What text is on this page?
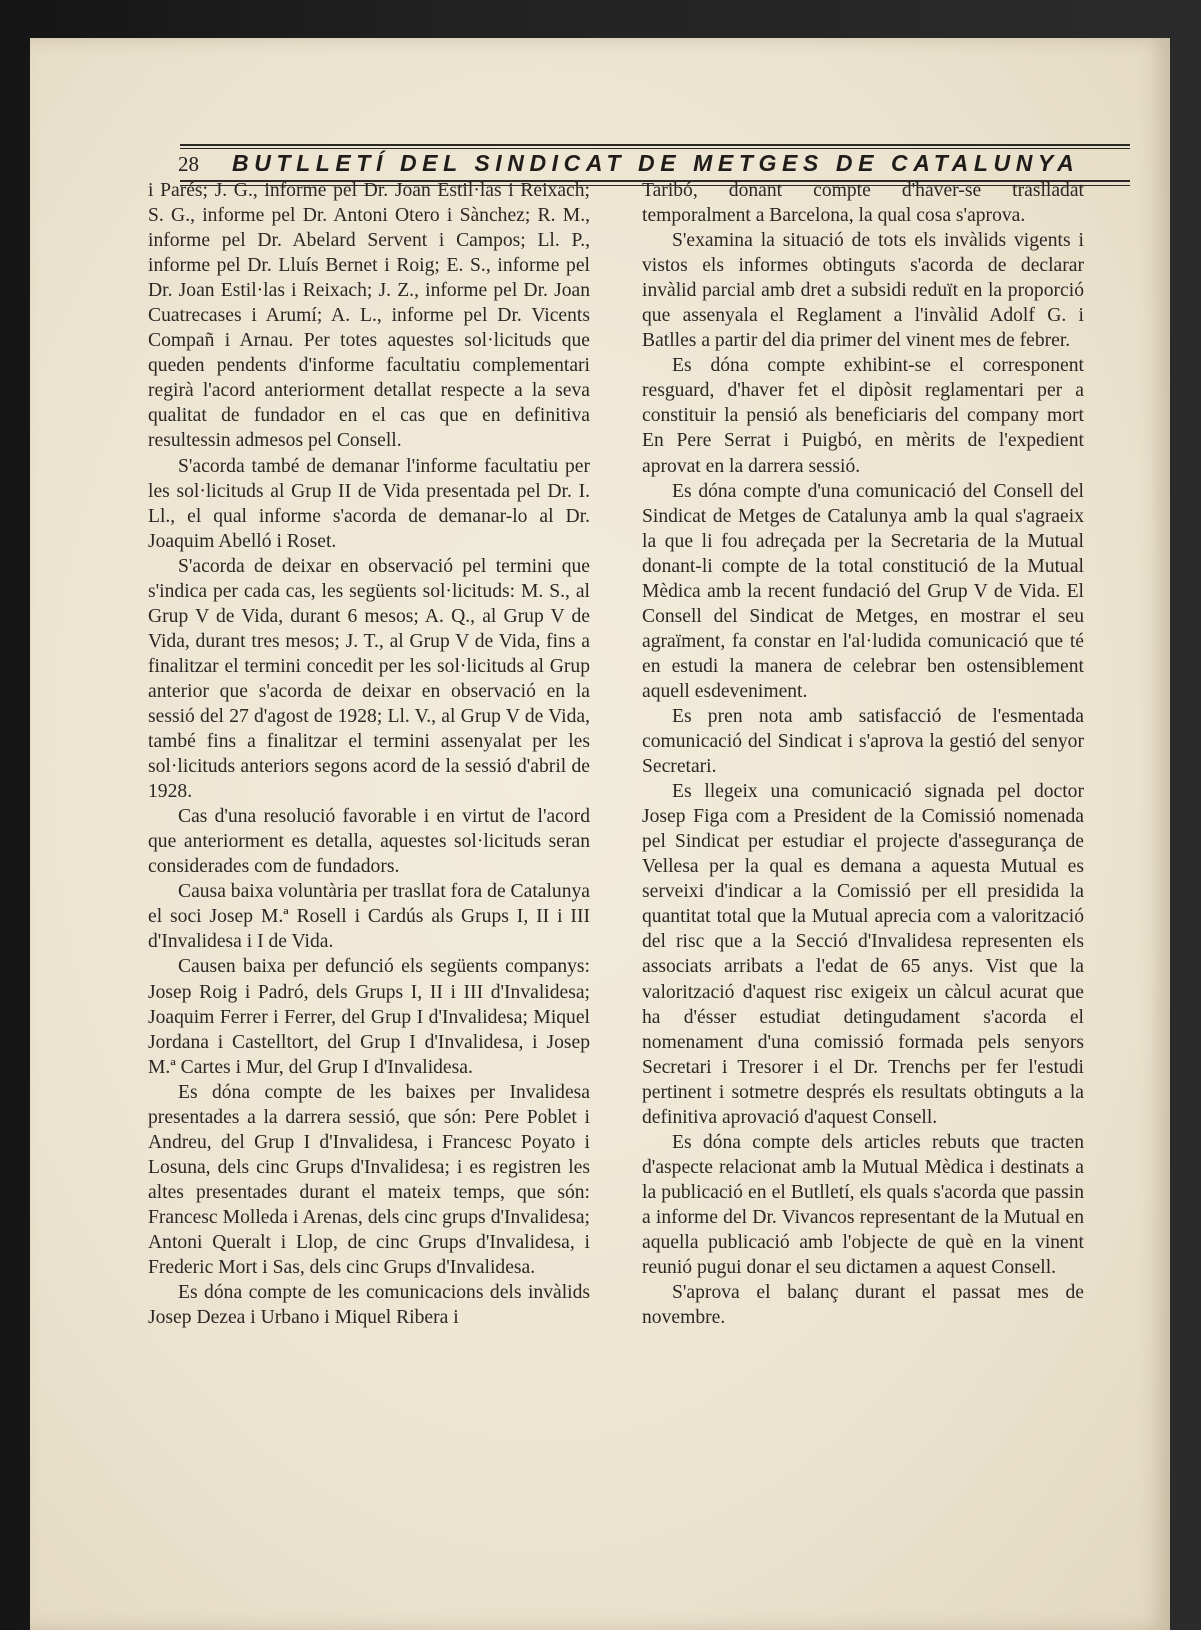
28 BUTLLETÍ DEL SINDICAT DE METGES DE CATALUNYA

i Parés; J. G., informe pel Dr. Joan Estil·las i Reixach; S. G., informe pel Dr. Antoni Otero i Sànchez; R. M., informe pel Dr. Abelard Servent i Campos; Ll. P., informe pel Dr. Lluís Bernet i Roig; E. S., informe pel Dr. Joan Estil·las i Reixach; J. Z., informe pel Dr. Joan Cuatrecases i Arumí; A. L., informe pel Dr. Vicents Compañ i Arnau. Per totes aquestes sol·licituds que queden pendents d'informe facultatiu complementari regirà l'acord anteriorment detallat respecte a la seva qualitat de fundador en el cas que en definitiva resultessin admesos pel Consell.

S'acorda també de demanar l'informe facultatiu per les sol·licituds al Grup II de Vida presentada pel Dr. I. Ll., el qual informe s'acorda de demanar-lo al Dr. Joaquim Abelló i Roset.

S'acorda de deixar en observació pel termini que s'indica per cada cas, les següents sol·licituds: M. S., al Grup V de Vida, durant 6 mesos; A. Q., al Grup V de Vida, durant tres mesos; J. T., al Grup V de Vida, fins a finalitzar el termini concedit per les sol·licituds al Grup anterior que s'acorda de deixar en observació en la sessió del 27 d'agost de 1928; Ll. V., al Grup V de Vida, també fins a finalitzar el termini assenyalat per les sol·licituds anteriors segons acord de la sessió d'abril de 1928.

Cas d'una resolució favorable i en virtut de l'acord que anteriorment es detalla, aquestes sol·licituds seran considerades com de fundadors.

Causa baixa voluntària per trasllat fora de Catalunya el soci Josep M.ª Rosell i Cardús als Grups I, II i III d'Invalidesa i I de Vida.

Causen baixa per defunció els següents companys: Josep Roig i Padró, dels Grups I, II i III d'Invalidesa; Joaquim Ferrer i Ferrer, del Grup I d'Invalidesa; Miquel Jordana i Castelltort, del Grup I d'Invalidesa, i Josep M.ª Cartes i Mur, del Grup I d'Invalidesa.

Es dóna compte de les baixes per Invalidesa presentades a la darrera sessió, que són: Pere Poblet i Andreu, del Grup I d'Invalidesa, i Francesc Poyato i Losuna, dels cinc Grups d'Invalidesa; i es registren les altes presentades durant el mateix temps, que són: Francesc Molleda i Arenas, dels cinc grups d'Invalidesa; Antoni Queralt i Llop, de cinc Grups d'Invalidesa, i Frederic Mort i Sas, dels cinc Grups d'Invalidesa.

Es dóna compte de les comunicacions dels invàlids Josep Dezea i Urbano i Miquel Ribera i

Taribó, donant compte d'haver-se traslladat temporalment a Barcelona, la qual cosa s'aprova.

S'examina la situació de tots els invàlids vigents i vistos els informes obtinguts s'acorda de declarar invàlid parcial amb dret a subsidi reduït en la proporció que assenyala el Reglament a l'invàlid Adolf G. i Batlles a partir del dia primer del vinent mes de febrer.

Es dóna compte exhibint-se el corresponent resguard, d'haver fet el dipòsit reglamentari per a constituir la pensió als beneficiaris del company mort En Pere Serrat i Puigbó, en mèrits de l'expedient aprovat en la darrera sessió.

Es dóna compte d'una comunicació del Consell del Sindicat de Metges de Catalunya amb la qual s'agraeix la que li fou adreçada per la Secretaria de la Mutual donant-li compte de la total constitució de la Mutual Mèdica amb la recent fundació del Grup V de Vida. El Consell del Sindicat de Metges, en mostrar el seu agraïment, fa constar en l'al·ludida comunicació que té en estudi la manera de celebrar ben ostensiblement aquell esdeveniment.

Es pren nota amb satisfacció de l'esmentada comunicació del Sindicat i s'aprova la gestió del senyor Secretari.

Es llegeix una comunicació signada pel doctor Josep Figa com a President de la Comissió nomenada pel Sindicat per estudiar el projecte d'assegurança de Vellesa per la qual es demana a aquesta Mutual es serveixi d'indicar a la Comissió per ell presidida la quantitat total que la Mutual aprecia com a valorització del risc que a la Secció d'Invalidesa representen els associats arribats a l'edat de 65 anys. Vist que la valorització d'aquest risc exigeix un càlcul acurat que ha d'ésser estudiat detingudament s'acorda el nomenament d'una comissió formada pels senyors Secretari i Tresorer i el Dr. Trenchs per fer l'estudi pertinent i sotmetre després els resultats obtinguts a la definitiva aprovació d'aquest Consell.

Es dóna compte dels articles rebuts que tracten d'aspecte relacionat amb la Mutual Mèdica i destinats a la publicació en el Butlletí, els quals s'acorda que passin a informe del Dr. Vivancos representant de la Mutual en aquella publicació amb l'objecte de què en la vinent reunió pugui donar el seu dictamen a aquest Consell.

S'aprova el balanç durant el passat mes de novembre.
